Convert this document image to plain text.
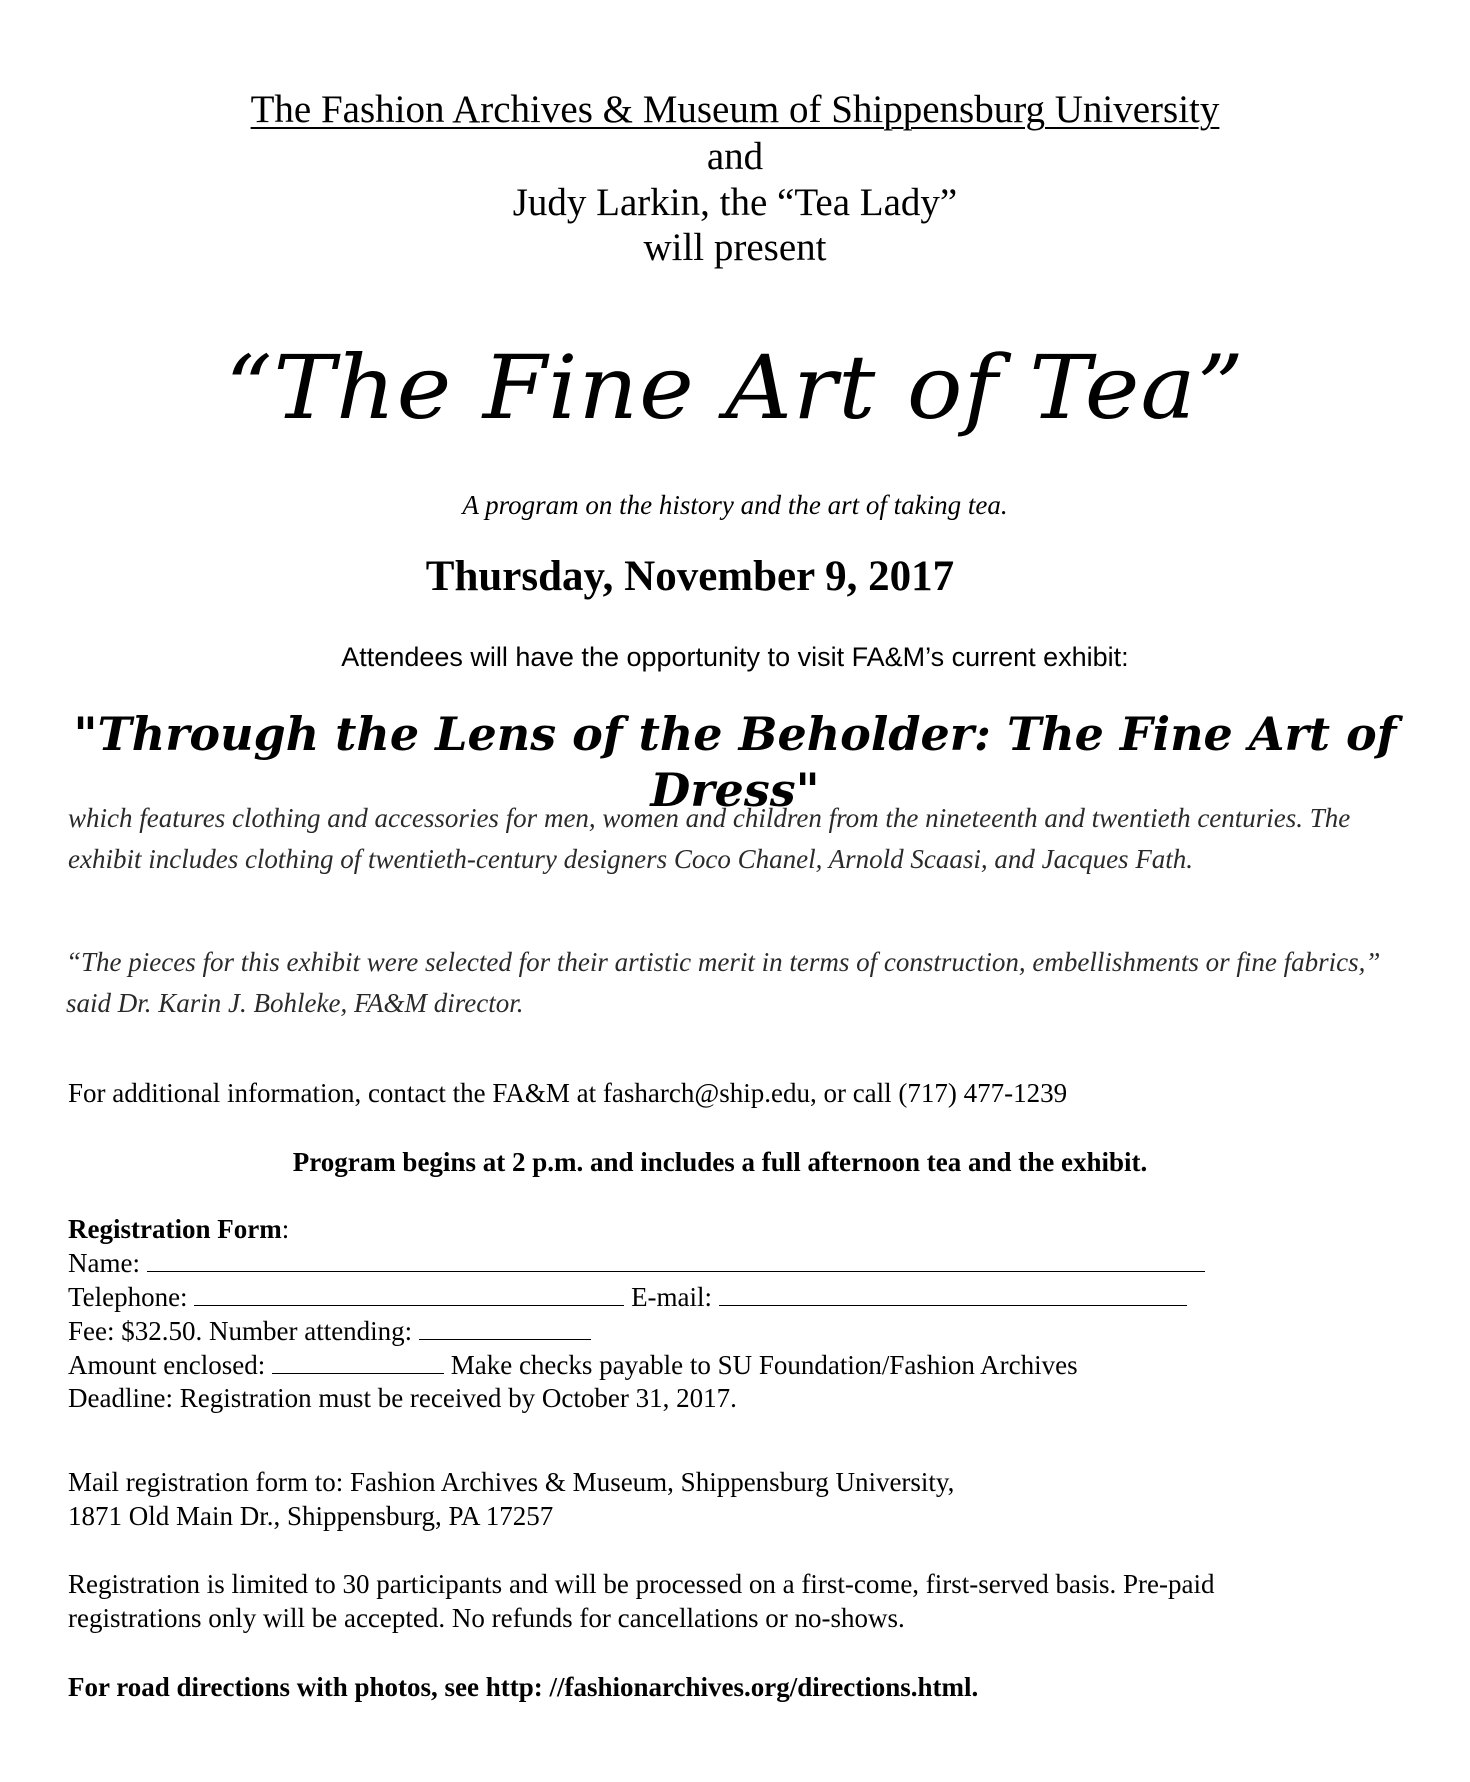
The Fashion Archives & Museum of Shippensburg University
and
Judy Larkin, the “Tea Lady”
will present
“The Fine Art of Tea”
A program on the history and the art of taking tea.
Thursday, November 9, 2017
Attendees will have the opportunity to visit FA&M’s current exhibit:
"Through the Lens of the Beholder: The Fine Art of Dress"
which features clothing and accessories for men, women and children from the nineteenth and twentieth centuries. The exhibit includes clothing of twentieth-century designers Coco Chanel, Arnold Scaasi, and Jacques Fath.
“The pieces for this exhibit were selected for their artistic merit in terms of construction, embellishments or fine fabrics,” said Dr. Karin J. Bohleke, FA&M director.
For additional information, contact the FA&M at fasharch@ship.edu, or call (717) 477-1239
Program begins at 2 p.m. and includes a full afternoon tea and the exhibit.
Registration Form:
Name:
Telephone:	E-mail:
Fee: $32.50. Number attending:
Amount enclosed:	Make checks payable to SU Foundation/Fashion Archives
Deadline: Registration must be received by October 31, 2017.
Mail registration form to: Fashion Archives & Museum, Shippensburg University,
1871 Old Main Dr., Shippensburg, PA 17257
Registration is limited to 30 participants and will be processed on a first-come, first-served basis. Pre-paid
registrations only will be accepted. No refunds for cancellations or no-shows.
For road directions with photos, see http: //fashionarchives.org/directions.html.
